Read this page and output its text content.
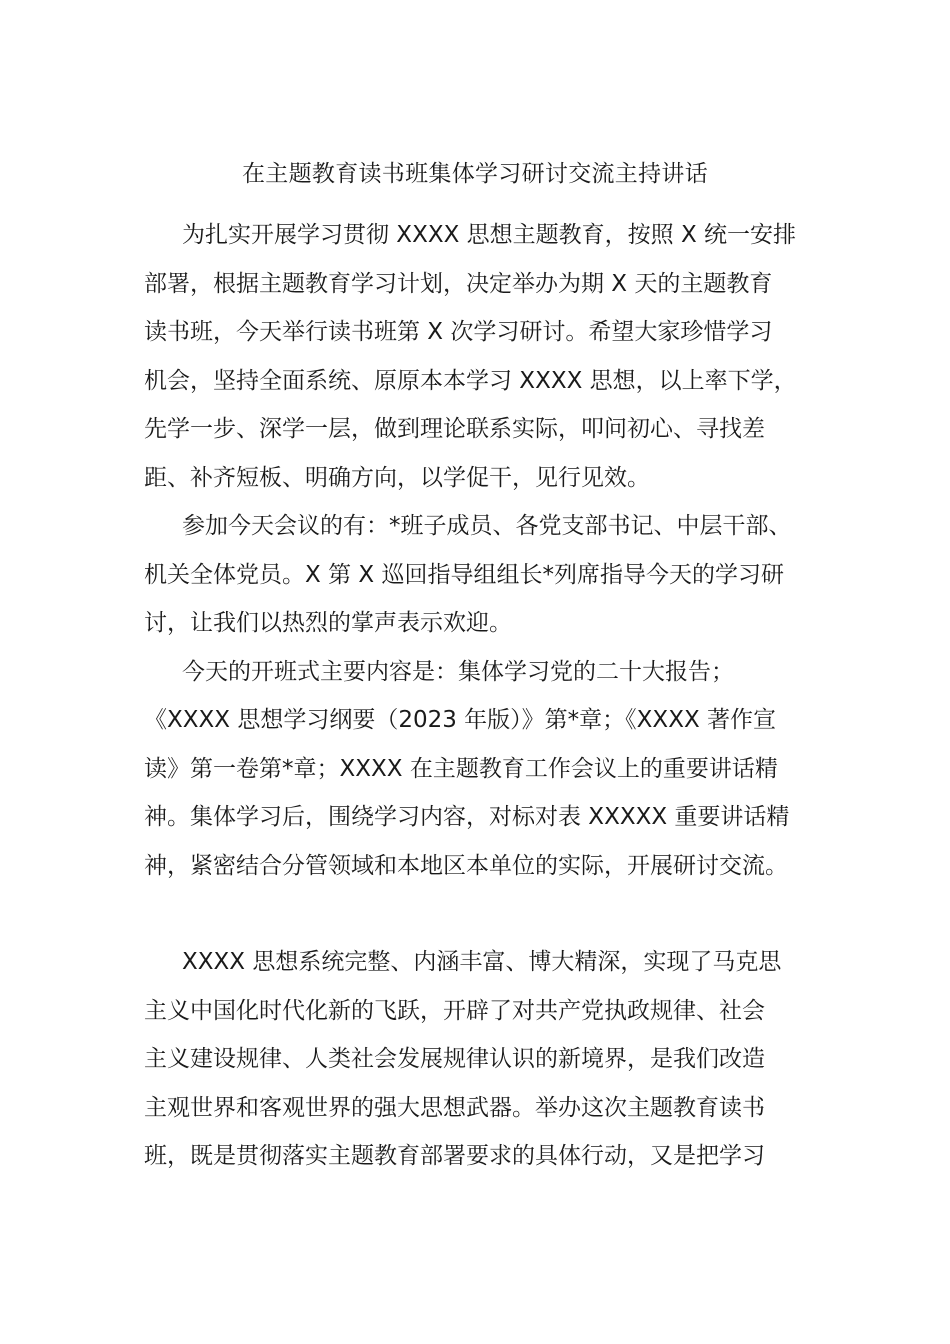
在主题教育读书班集体学习研讨交流主持讲话
为扎实开展学习贯彻 XXXX 思想主题教育，按照 X 统一安排
部署，根据主题教育学习计划，决定举办为期 X 天的主题教育
读书班，今天举行读书班第 X 次学习研讨。希望大家珍惜学习
机会，坚持全面系统、原原本本学习 XXXX 思想，以上率下学，
先学一步、深学一层，做到理论联系实际，叩问初心、寻找差
距、补齐短板、明确方向，以学促干，见行见效。
参加今天会议的有：*班子成员、各党支部书记、中层干部、
机关全体党员。X 第 X 巡回指导组组长*列席指导今天的学习研
讨，让我们以热烈的掌声表示欢迎。
今天的开班式主要内容是：集体学习党的二十大报告；
《XXXX 思想学习纲要（2023 年版）》第*章；《XXXX 著作宣
读》第一卷第*章；XXXX 在主题教育工作会议上的重要讲话精
神。集体学习后，围绕学习内容，对标对表 XXXXX 重要讲话精
神，紧密结合分管领域和本地区本单位的实际，开展研讨交流。
XXXX 思想系统完整、内涵丰富、博大精深，实现了马克思
主义中国化时代化新的飞跃，开辟了对共产党执政规律、社会
主义建设规律、人类社会发展规律认识的新境界，是我们改造
主观世界和客观世界的强大思想武器。举办这次主题教育读书
班，既是贯彻落实主题教育部署要求的具体行动，又是把学习
